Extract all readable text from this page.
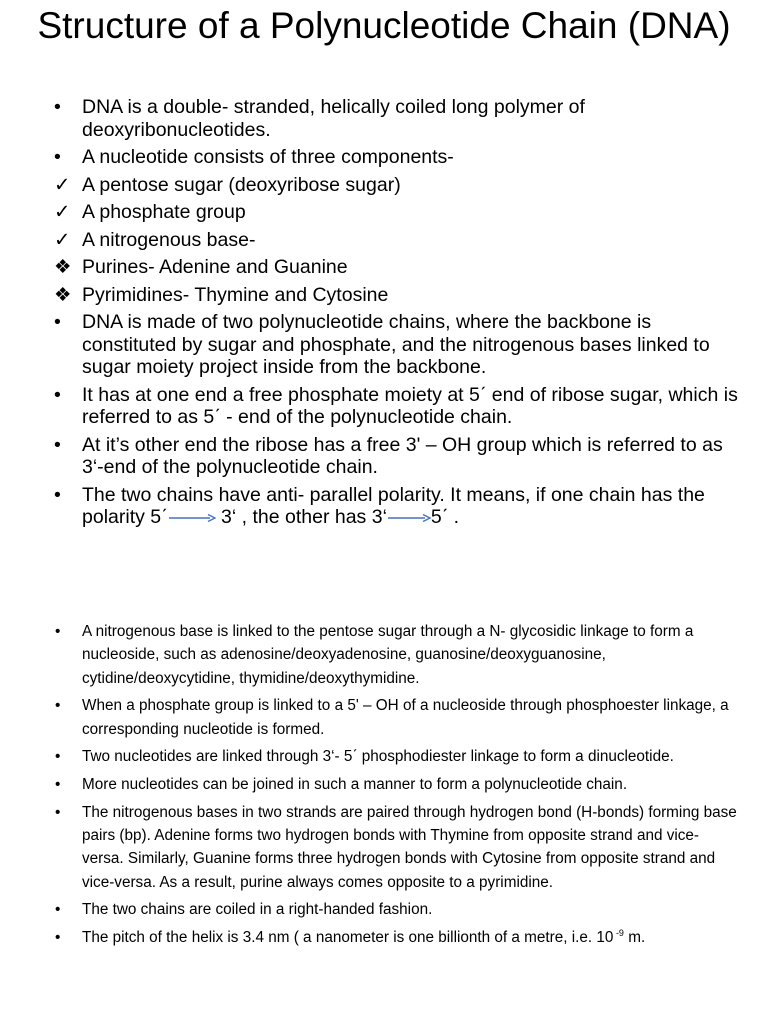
Structure of a Polynucleotide Chain (DNA)
•	DNA is a double- stranded, helically coiled long polymer of deoxyribonucleotides.
•	A nucleotide consists of three components-
✓ A pentose sugar (deoxyribose sugar)
✓ A phosphate group
✓ A nitrogenous base-
❖ Purines- Adenine and Guanine
❖ Pyrimidines- Thymine and Cytosine
•	DNA is made of two polynucleotide chains, where the backbone is constituted by sugar and phosphate, and the nitrogenous bases linked to sugar moiety project inside from the backbone.
•	It has at one end a free phosphate moiety at 5ˊ end of ribose sugar, which is referred to as 5ˊ - end of the polynucleotide chain.
•	At it’s other end the ribose has a free 3' – OH group which is referred to as 3‘-end of the polynucleotide chain.
•	The two chains have anti- parallel polarity. It means, if one chain has the polarity 5ˊ	3‘ , the other has 3‘ 5ˊ .
•	A nitrogenous base is linked to the pentose sugar through a N- glycosidic linkage to form a nucleoside, such as adenosine/deoxyadenosine, guanosine/deoxyguanosine, cytidine/deoxycytidine, thymidine/deoxythymidine.
•	When a phosphate group is linked to a 5' – OH of a nucleoside through phosphoester linkage, a corresponding nucleotide is formed.
•	Two nucleotides are linked through 3‘- 5ˊ phosphodiester linkage to form a dinucleotide.
•	More nucleotides can be joined in such a manner to form a polynucleotide chain.
•	The nitrogenous bases in two strands are paired through hydrogen bond (H-bonds) forming base pairs (bp). Adenine forms two hydrogen bonds with Thymine from opposite strand and vice-versa. Similarly, Guanine forms three hydrogen bonds with Cytosine from opposite strand and vice-versa. As a result, purine always comes opposite to a pyrimidine.
•	The two chains are coiled in a right-handed fashion.
•	The pitch of the helix is 3.4 nm ( a nanometer is one billionth of a metre, i.e. 10 $^{-9}$ m.
